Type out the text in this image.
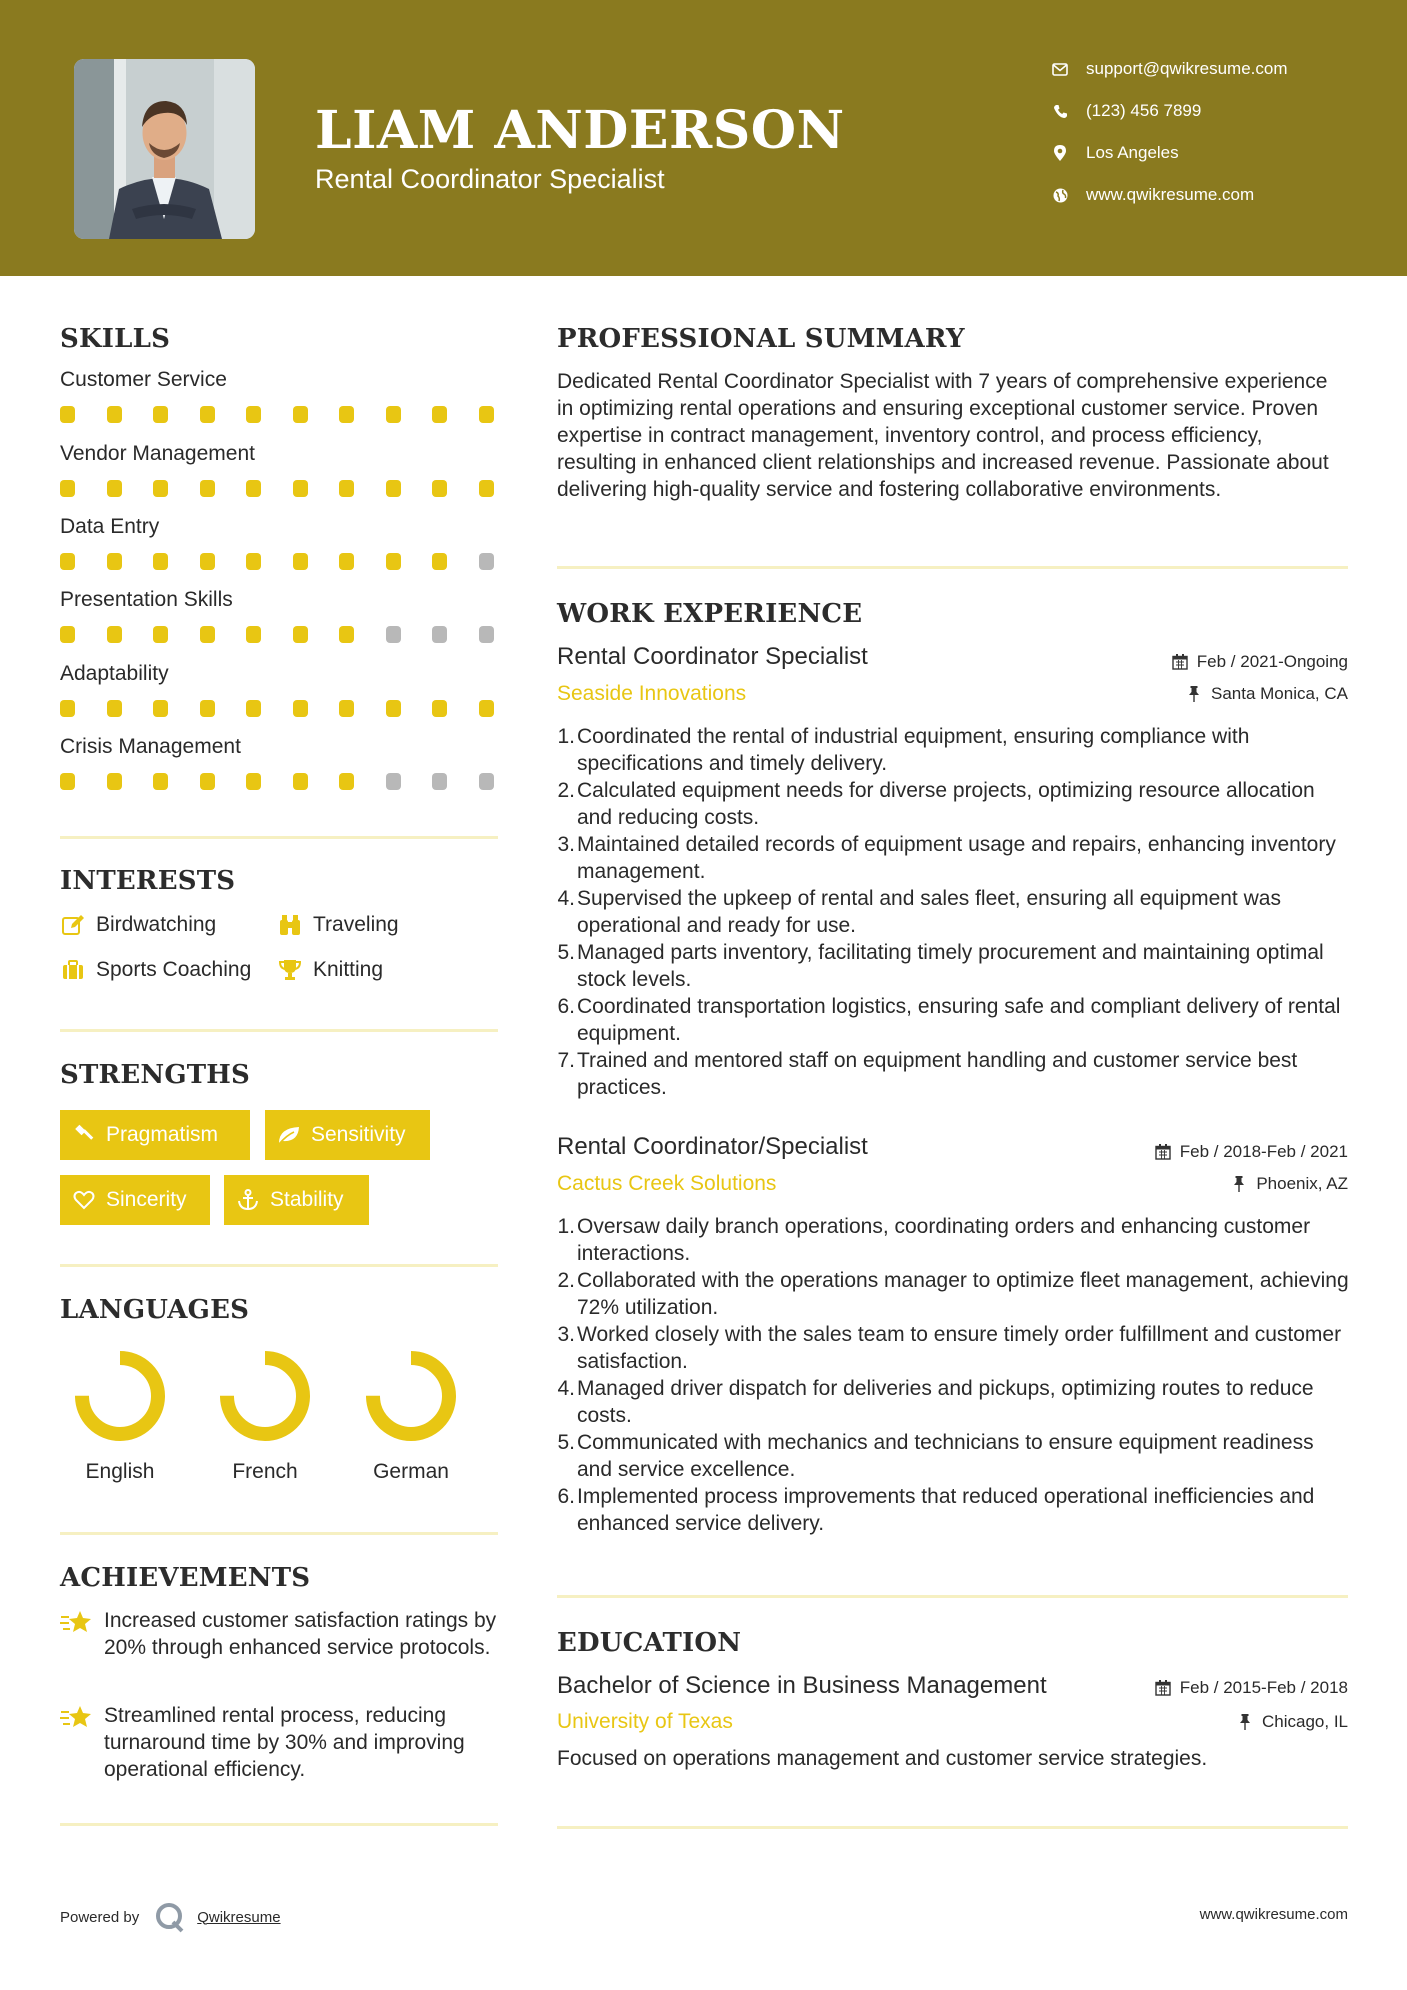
LIAM ANDERSON
Rental Coordinator Specialist
support@qwikresume.com
(123) 456 7899
Los Angeles
www.qwikresume.com
SKILLS
Customer Service
Vendor Management
Data Entry
Presentation Skills
Adaptability
Crisis Management
INTERESTS
Birdwatching	Traveling
Sports Coaching	Knitting
STRENGTHS
Pragmatism	Sensitivity
Sincerity	Stability
LANGUAGES
English	French	German
ACHIEVEMENTS
Increased customer satisfaction ratings by 20% through enhanced service protocols.
Streamlined rental process, reducing turnaround time by 30% and improving operational efficiency.
PROFESSIONAL SUMMARY
Dedicated Rental Coordinator Specialist with 7 years of comprehensive experience in optimizing rental operations and ensuring exceptional customer service. Proven expertise in contract management, inventory control, and process efficiency, resulting in enhanced client relationships and increased revenue. Passionate about delivering high-quality service and fostering collaborative environments.
WORK EXPERIENCE
Rental Coordinator Specialist	Feb / 2021-Ongoing
Seaside Innovations	Santa Monica, CA
1. Coordinated the rental of industrial equipment, ensuring compliance with specifications and timely delivery.
2. Calculated equipment needs for diverse projects, optimizing resource allocation and reducing costs.
3. Maintained detailed records of equipment usage and repairs, enhancing inventory management.
4. Supervised the upkeep of rental and sales fleet, ensuring all equipment was operational and ready for use.
5. Managed parts inventory, facilitating timely procurement and maintaining optimal stock levels.
6. Coordinated transportation logistics, ensuring safe and compliant delivery of rental equipment.
7. Trained and mentored staff on equipment handling and customer service best practices.
Rental Coordinator/Specialist	Feb / 2018-Feb / 2021
Cactus Creek Solutions	Phoenix, AZ
1. Oversaw daily branch operations, coordinating orders and enhancing customer interactions.
2. Collaborated with the operations manager to optimize fleet management, achieving 72% utilization.
3. Worked closely with the sales team to ensure timely order fulfillment and customer satisfaction.
4. Managed driver dispatch for deliveries and pickups, optimizing routes to reduce costs.
5. Communicated with mechanics and technicians to ensure equipment readiness and service excellence.
6. Implemented process improvements that reduced operational inefficiencies and enhanced service delivery.
EDUCATION
Bachelor of Science in Business Management	Feb / 2015-Feb / 2018
University of Texas	Chicago, IL
Focused on operations management and customer service strategies.
Powered by	Qwikresume	www.qwikresume.com
